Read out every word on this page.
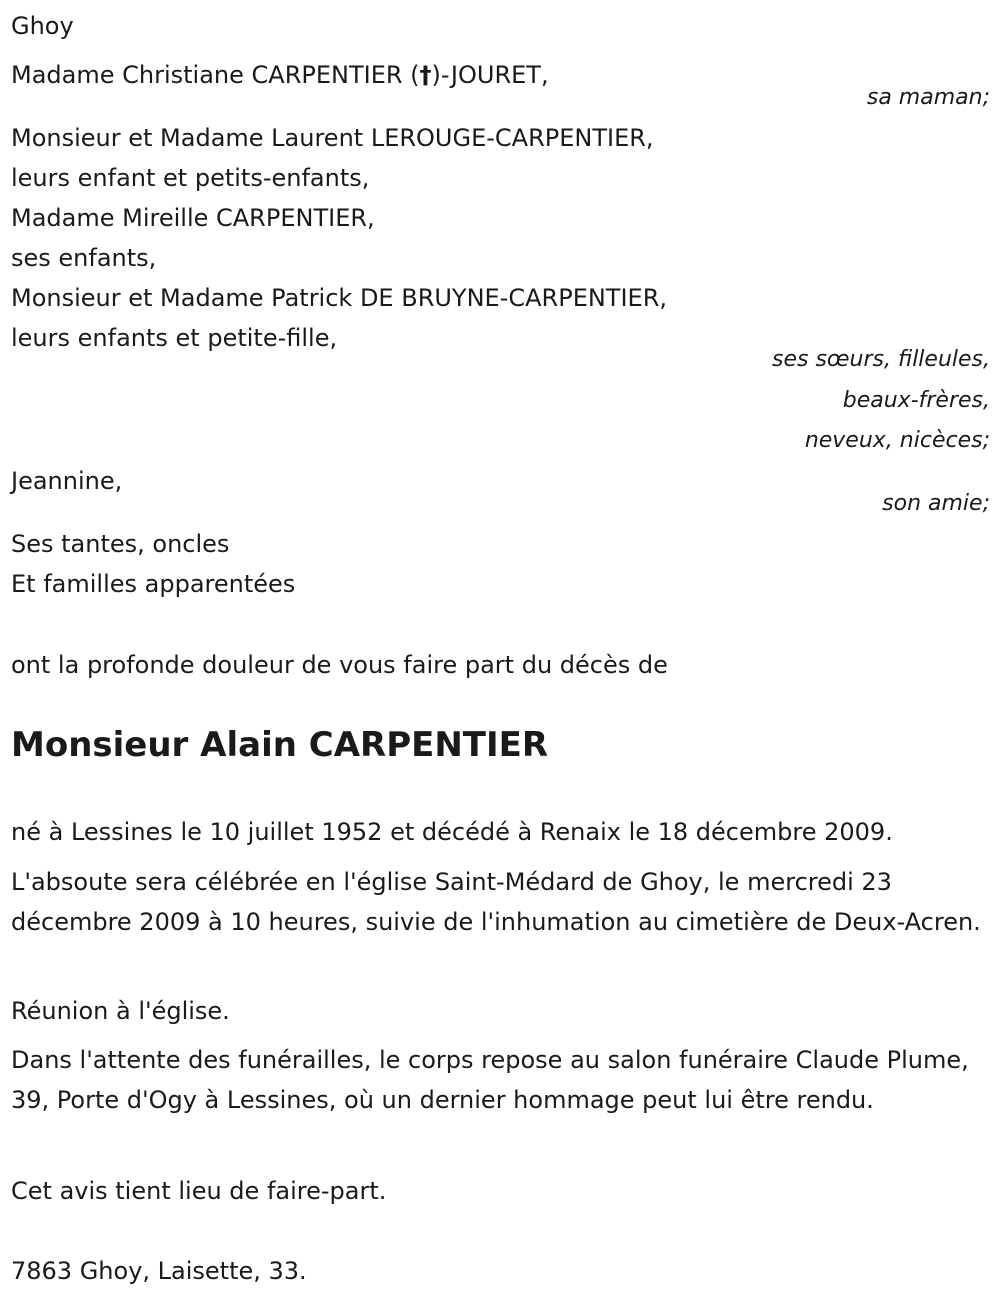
Ghoy
Madame Christiane CARPENTIER (†)-JOURET,
sa maman;
Monsieur et Madame Laurent LEROUGE-CARPENTIER,
leurs enfant et petits-enfants,
Madame Mireille CARPENTIER,
ses enfants,
Monsieur et Madame Patrick DE BRUYNE-CARPENTIER,
leurs enfants et petite-fille,
ses sœurs, filleules,
beaux-frères,
neveux, nicèces;
Jeannine,
son amie;
Ses tantes, oncles
Et familles apparentées
ont la profonde douleur de vous faire part du décès de
Monsieur Alain CARPENTIER
né à Lessines le 10 juillet 1952 et décédé à Renaix le 18 décembre 2009.
L'absoute sera célébrée en l'église Saint-Médard de Ghoy, le mercredi 23 décembre 2009 à 10 heures, suivie de l'inhumation au cimetière de Deux-Acren.
Réunion à l'église.
Dans l'attente des funérailles, le corps repose au salon funéraire Claude Plume, 39, Porte d'Ogy à Lessines, où un dernier hommage peut lui être rendu.
Cet avis tient lieu de faire-part.
7863 Ghoy, Laisette, 33.
